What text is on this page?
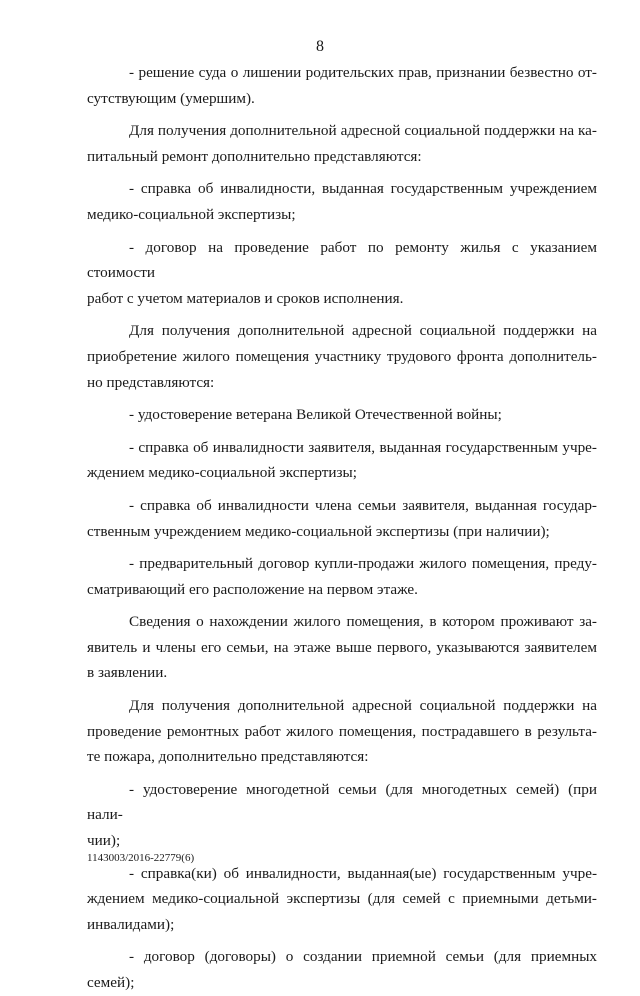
8

- решение суда о лишении родительских прав, признании безвестно от-
сутствующим (умершим).

Для получения дополнительной адресной социальной поддержки на ка-
питальный ремонт дополнительно представляются:

- справка об инвалидности, выданная государственным учреждением
медико-социальной экспертизы;

- договор на проведение работ по ремонту жилья с указанием стоимости
работ с учетом материалов и сроков исполнения.

Для получения дополнительной адресной социальной поддержки на
приобретение жилого помещения участнику трудового фронта дополнитель-
но представляются:

- удостоверение ветерана Великой Отечественной войны;

- справка об инвалидности заявителя, выданная государственным учре-
ждением медико-социальной экспертизы;

- справка об инвалидности члена семьи заявителя, выданная государ-
ственным учреждением медико-социальной экспертизы (при наличии);

- предварительный договор купли-продажи жилого помещения, преду-
сматривающий его расположение на первом этаже.

Сведения о нахождении жилого помещения, в котором проживают за-
явитель и члены его семьи, на этаже выше первого, указываются заявителем
в заявлении.

Для получения дополнительной адресной социальной поддержки на
проведение ремонтных работ жилого помещения, пострадавшего в результа-
те пожара, дополнительно представляются:

- удостоверение многодетной семьи (для многодетных семей) (при нали-
чии);

- справка(ки) об инвалидности, выданная(ые) государственным учре-
ждением медико-социальной экспертизы (для семей с приемными детьми-
инвалидами);

- договор (договоры) о создании приемной семьи (для приемных семей);

1143003/2016-22779(6)
